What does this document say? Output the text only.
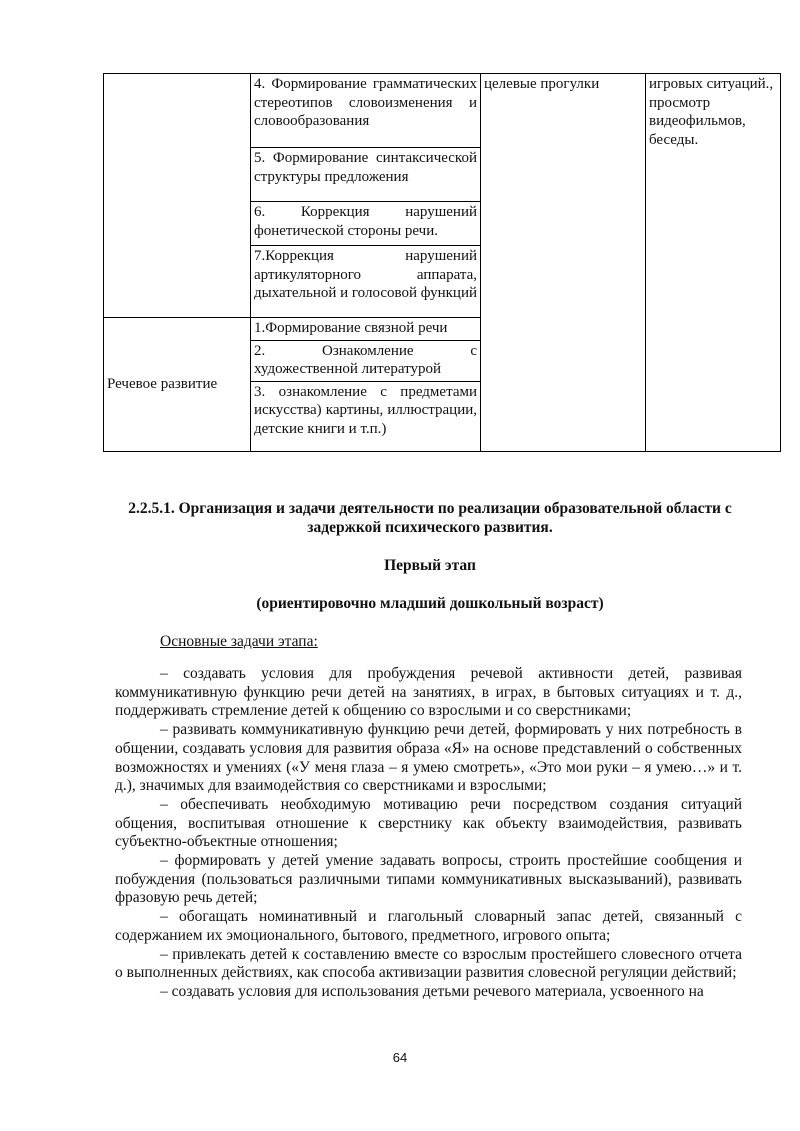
	4. Формирование грамматических стереотипов словоизменения и словообразования	целевые прогулки	игровых ситуаций., просмотр видеофильмов, беседы.
	5. Формирование синтаксической структуры предложения		
	6. Коррекция нарушений фонетической стороны речи.		
	7.Коррекция нарушений артикуляторного аппарата, дыхательной и голосовой функций		
Речевое развитие	1.Формирование связной речи		
	2. Ознакомление с художественной литературой		
	3. ознакомление с предметами искусства) картины, иллюстрации, детские книги и т.п.)		
2.2.5.1. Организация и задачи деятельности по реализации образовательной области с задержкой психического развития.
Первый этап
(ориентировочно младший дошкольный возраст)
Основные задачи этапа:
– создавать условия для пробуждения речевой активности детей, развивая коммуникативную функцию речи детей на занятиях, в играх, в бытовых ситуациях и т. д., поддерживать стремление детей к общению со взрослыми и со сверстниками;
– развивать коммуникативную функцию речи детей, формировать у них потребность в общении, создавать условия для развития образа «Я» на основе представлений о собственных возможностях и умениях («У меня глаза – я умею смотреть», «Это мои руки – я умею…» и т. д.), значимых для взаимодействия со сверстниками и взрослыми;
– обеспечивать необходимую мотивацию речи посредством создания ситуаций общения, воспитывая отношение к сверстнику как объекту взаимодействия, развивать субъектно-объектные отношения;
– формировать у детей умение задавать вопросы, строить простейшие сообщения и побуждения (пользоваться различными типами коммуникативных высказываний), развивать фразовую речь детей;
– обогащать номинативный и глагольный словарный запас детей, связанный с содержанием их эмоционального, бытового, предметного, игрового опыта;
– привлекать детей к составлению вместе со взрослым простейшего словесного отчета о выполненных действиях, как способа активизации развития словесной регуляции действий;
– создавать условия для использования детьми речевого материала, усвоенного на
64
